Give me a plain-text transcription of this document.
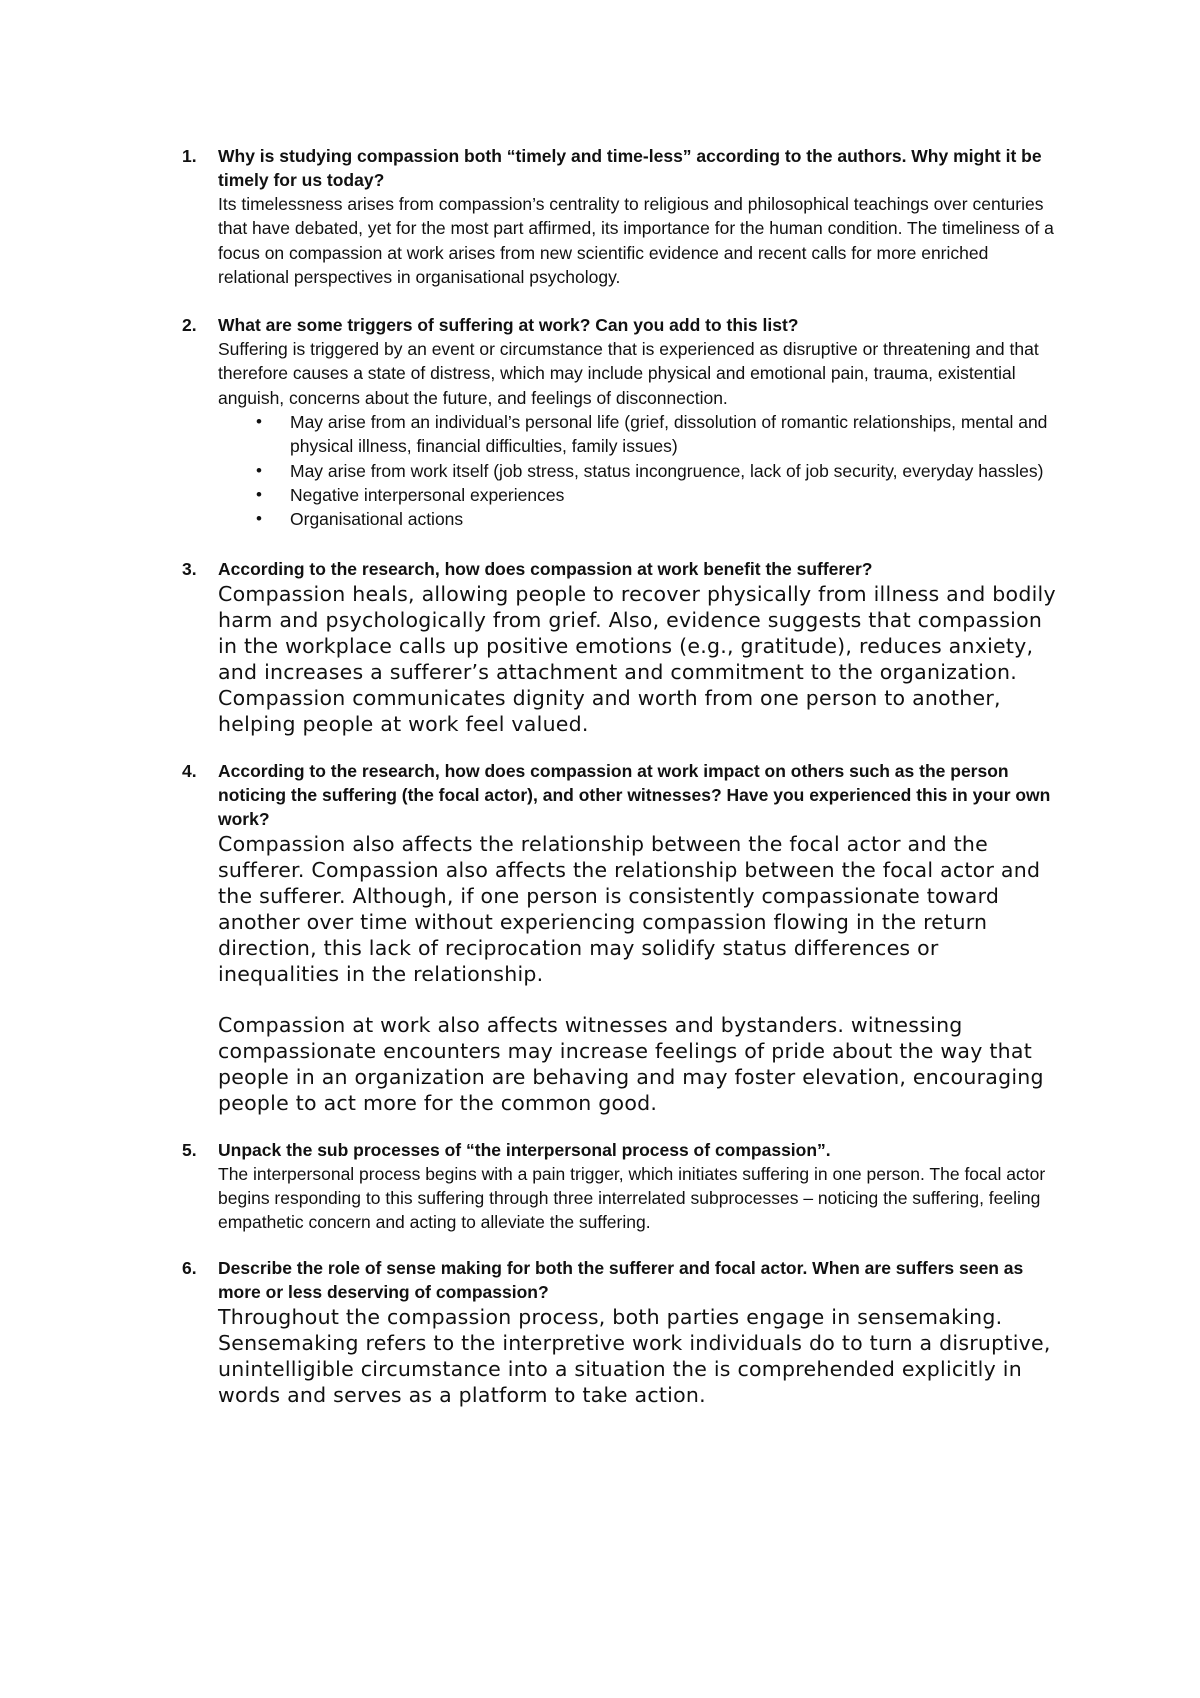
1. Why is studying compassion both “timely and time-less” according to the authors. Why might it be timely for us today?
Its timelessness arises from compassion’s centrality to religious and philosophical teachings over centuries that have debated, yet for the most part affirmed, its importance for the human condition. The timeliness of a focus on compassion at work arises from new scientific evidence and recent calls for more enriched relational perspectives in organisational psychology.
2. What are some triggers of suffering at work? Can you add to this list?
Suffering is triggered by an event or circumstance that is experienced as disruptive or threatening and that therefore causes a state of distress, which may include physical and emotional pain, trauma, existential anguish, concerns about the future, and feelings of disconnection.
• May arise from an individual’s personal life (grief, dissolution of romantic relationships, mental and physical illness, financial difficulties, family issues)
• May arise from work itself (job stress, status incongruence, lack of job security, everyday hassles)
• Negative interpersonal experiences
• Organisational actions
3. According to the research, how does compassion at work benefit the sufferer?
Compassion heals, allowing people to recover physically from illness and bodily harm and psychologically from grief. Also, evidence suggests that compassion in the workplace calls up positive emotions (e.g., gratitude), reduces anxiety, and increases a sufferer’s attachment and commitment to the organization. Compassion communicates dignity and worth from one person to another, helping people at work feel valued.
4. According to the research, how does compassion at work impact on others such as the person noticing the suffering (the focal actor), and other witnesses? Have you experienced this in your own work?
Compassion also affects the relationship between the focal actor and the sufferer. Compassion also affects the relationship between the focal actor and the sufferer. Although, if one person is consistently compassionate toward another over time without experiencing compassion flowing in the return direction, this lack of reciprocation may solidify status differences or inequalities in the relationship.
Compassion at work also affects witnesses and bystanders. witnessing compassionate encounters may increase feelings of pride about the way that people in an organization are behaving and may foster elevation, encouraging people to act more for the common good.
5. Unpack the sub processes of “the interpersonal process of compassion”.
The interpersonal process begins with a pain trigger, which initiates suffering in one person. The focal actor begins responding to this suffering through three interrelated subprocesses – noticing the suffering, feeling empathetic concern and acting to alleviate the suffering.
6. Describe the role of sense making for both the sufferer and focal actor. When are suffers seen as more or less deserving of compassion?
Throughout the compassion process, both parties engage in sensemaking. Sensemaking refers to the interpretive work individuals do to turn a disruptive, unintelligible circumstance into a situation the is comprehended explicitly in words and serves as a platform to take action.
